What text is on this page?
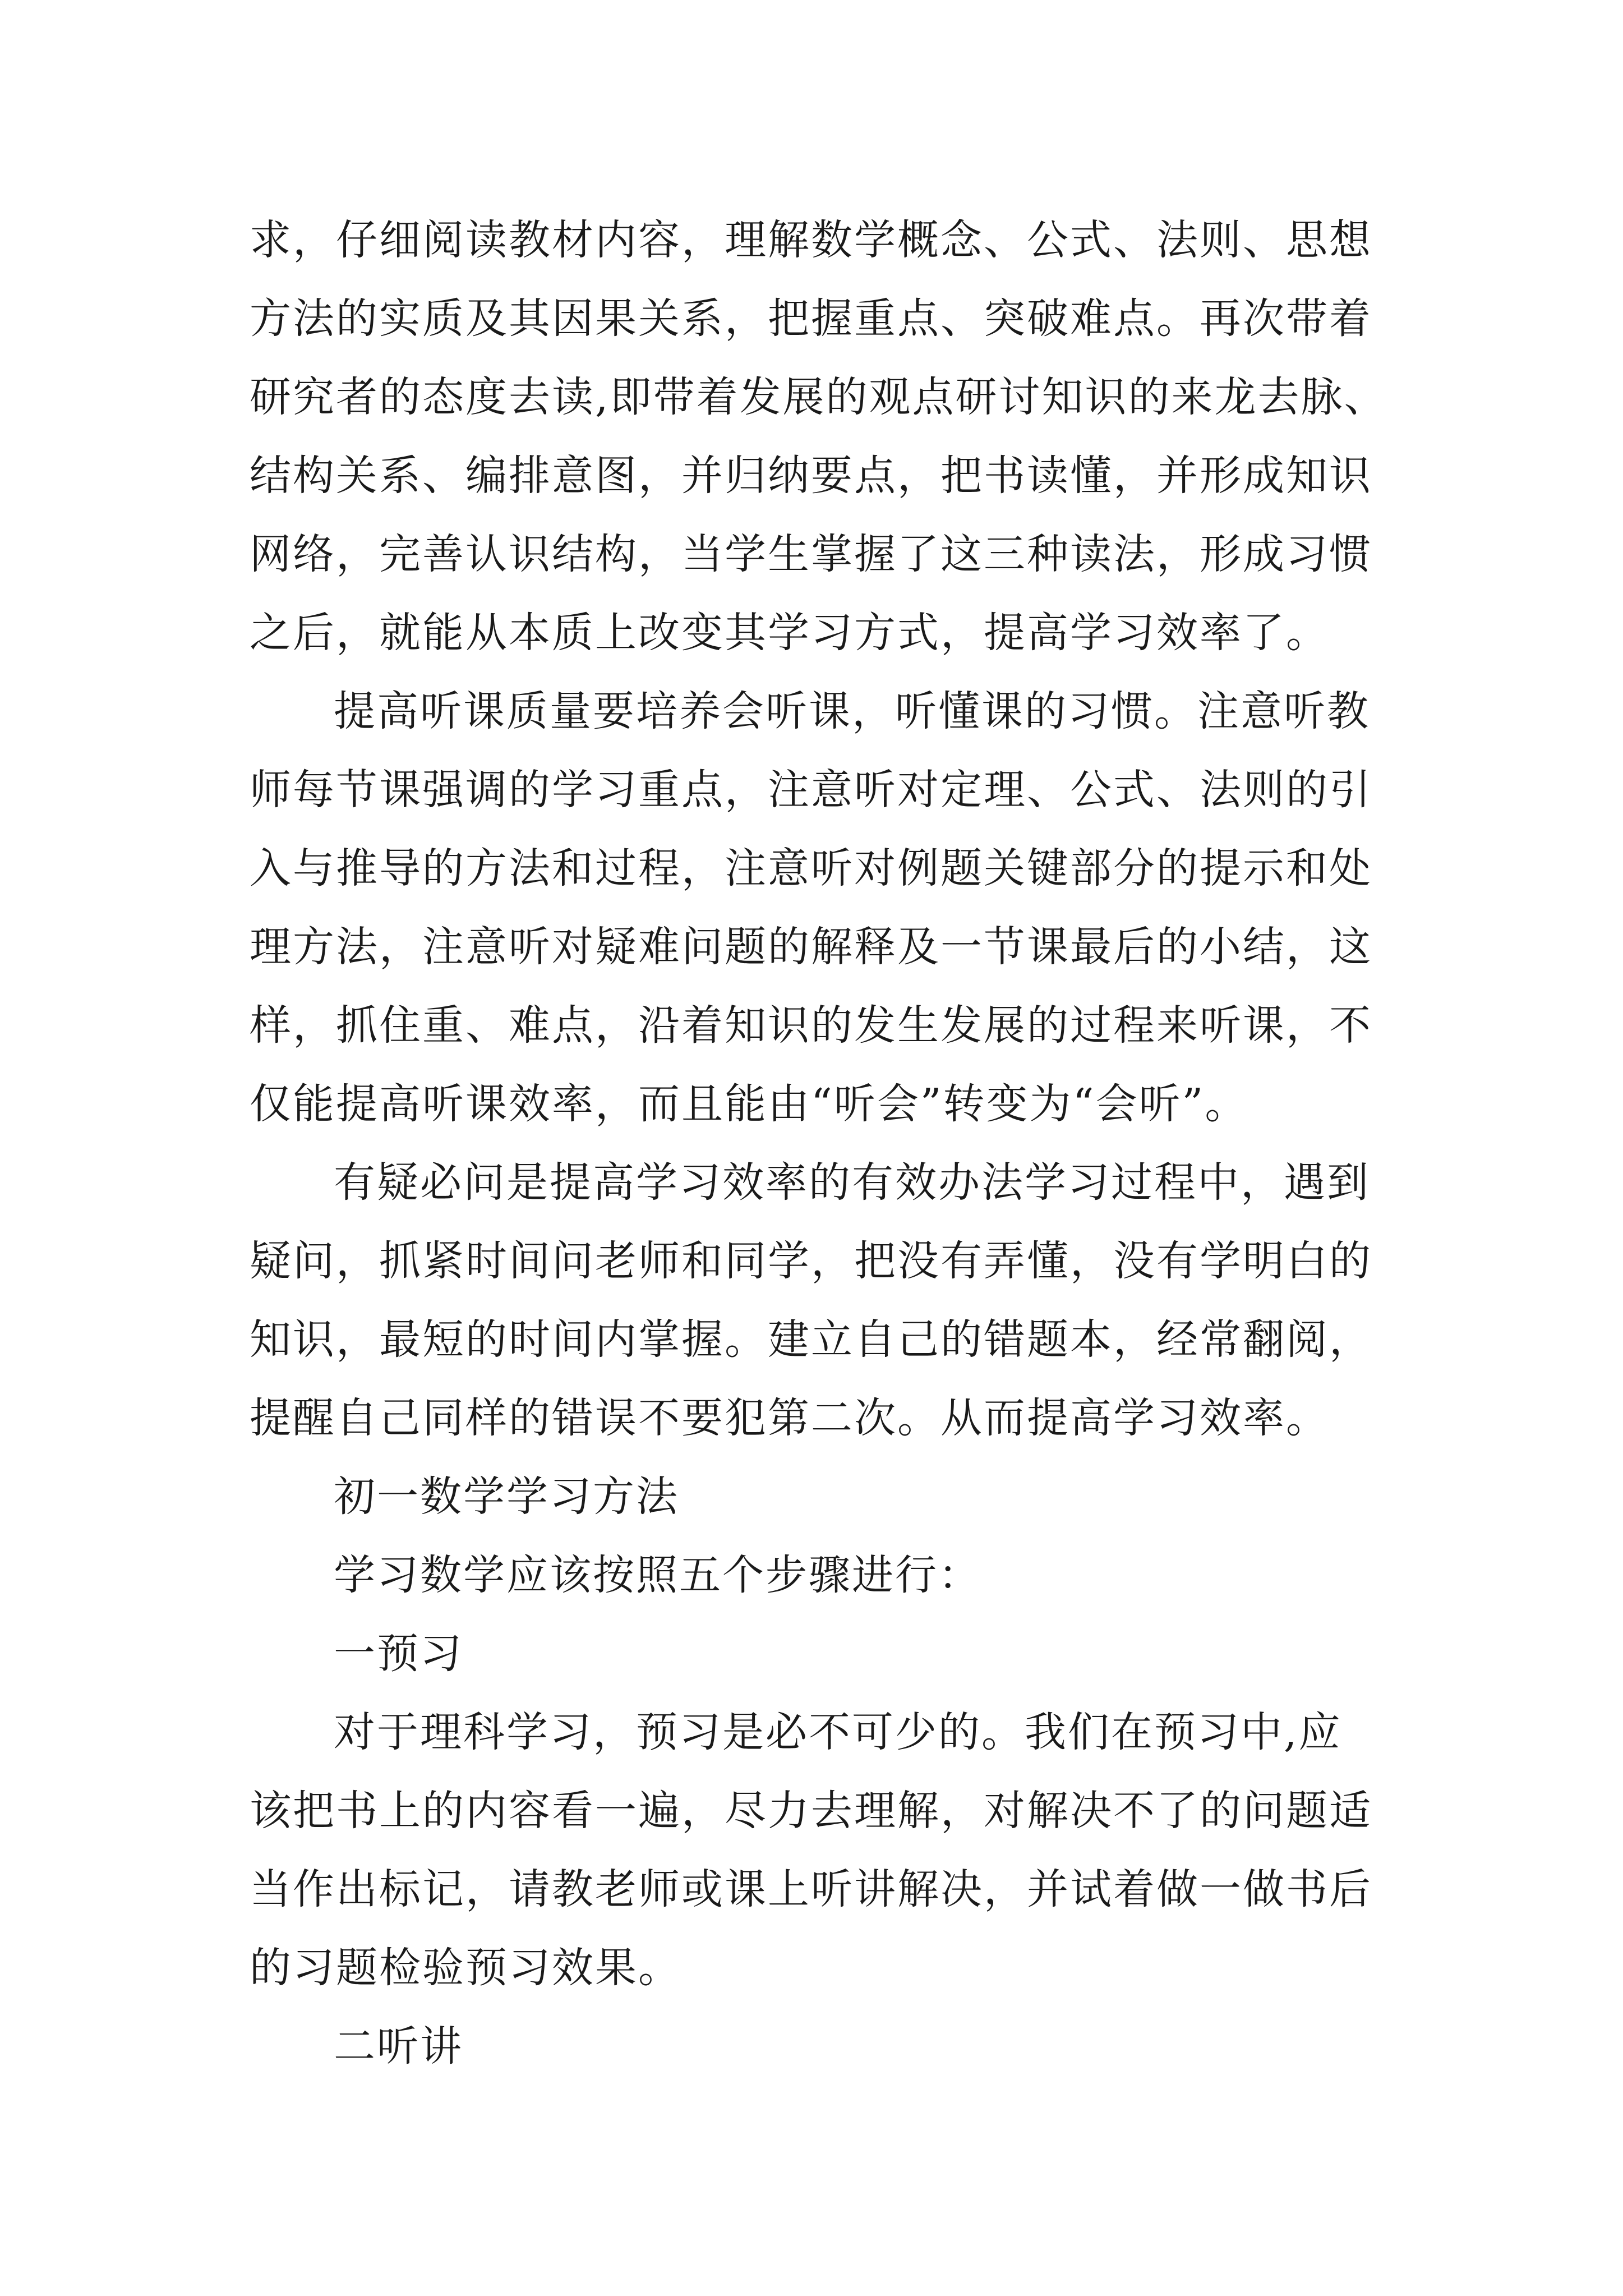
求，仔细阅读教材内容，理解数学概念、公式、法则、思想
方法的实质及其因果关系，把握重点、突破难点。再次带着
研究者的态度去读,即带着发展的观点研讨知识的来龙去脉、
结构关系、编排意图，并归纳要点，把书读懂，并形成知识
网络，完善认识结构，当学生掌握了这三种读法，形成习惯
之后，就能从本质上改变其学习方式，提高学习效率了。
提高听课质量要培养会听课，听懂课的习惯。注意听教
师每节课强调的学习重点，注意听对定理、公式、法则的引
入与推导的方法和过程，注意听对例题关键部分的提示和处
理方法，注意听对疑难问题的解释及一节课最后的小结，这
样，抓住重、难点，沿着知识的发生发展的过程来听课，不
仅能提高听课效率，而且能由“听会”转变为“会听”。
有疑必问是提高学习效率的有效办法学习过程中，遇到
疑问，抓紧时间问老师和同学，把没有弄懂，没有学明白的
知识，最短的时间内掌握。建立自己的错题本，经常翻阅，
提醒自己同样的错误不要犯第二次。从而提高学习效率。
初一数学学习方法
学习数学应该按照五个步骤进行：
一预习
对于理科学习，预习是必不可少的。我们在预习中,应
该把书上的内容看一遍，尽力去理解，对解决不了的问题适
当作出标记，请教老师或课上听讲解决，并试着做一做书后
的习题检验预习效果。
二听讲
